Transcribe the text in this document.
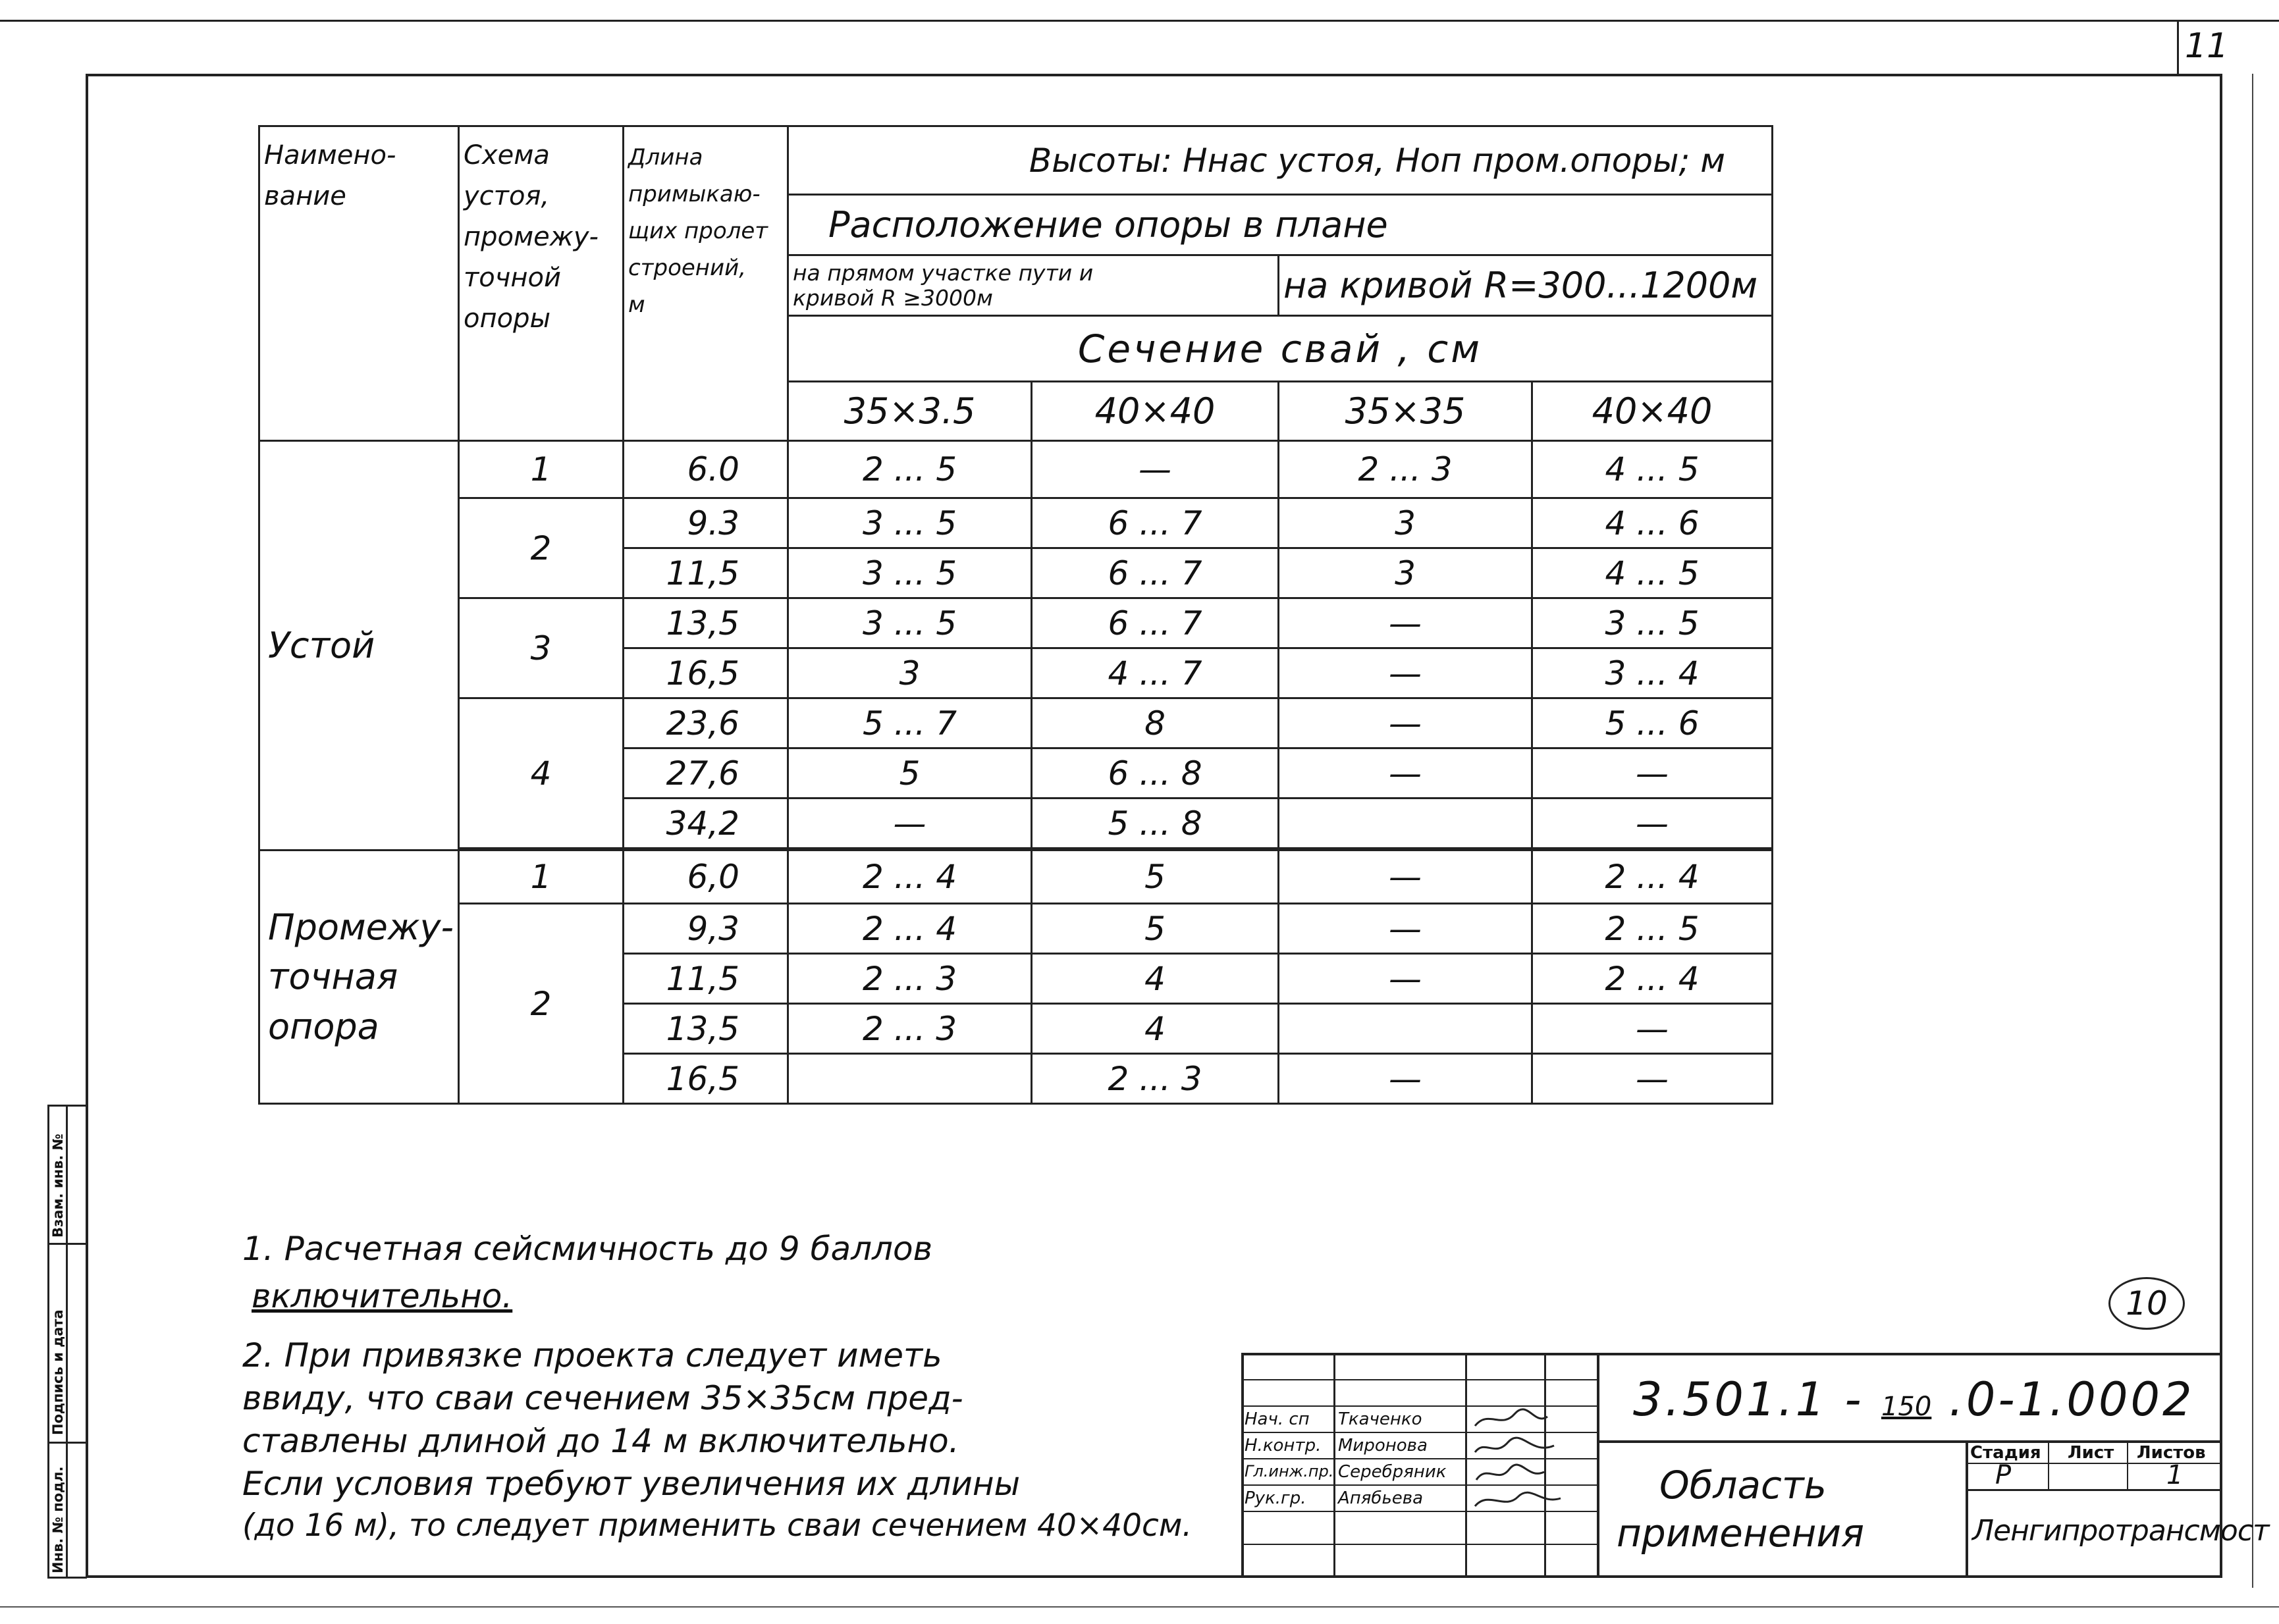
11
Инв. № подл.
Подпись и дата
Взам. инв. №
Наимено-
вание	Схема
устоя,
промежу-
точной
опоры	Длина
примыкаю-
щих пролет
строений,
м	Высоты: Ннас устоя, Hоп пром.опоры; м			
			Расположение опоры в плане			
			на прямом участке пути и
кривой R ≥3000м		на кривой R=300...1200м	
			Сечение свай , см			
			35×3.5	40×40	35×35	40×40
Устой	1	6.0	2 ... 5	—	2 ... 3	4 ... 5
	2	9.3	3 ... 5	6 ... 7	3	4 ... 6
		11,5	3 ... 5	6 ... 7	3	4 ... 5
	3	13,5	3 ... 5	6 ... 7	—	3 ... 5
		16,5	3	4 ... 7	—	3 ... 4
	4	23,6	5 ... 7	8	—	5 ... 6
		27,6	5	6 ... 8	—	—
		34,2	—	5 ... 8		—

Промежу-
точная
опора	1	6,0	2 ... 4	5	—	2 ... 4
	2	9,3	2 ... 4	5	—	2 ... 5
		11,5	2 ... 3	4	—	2 ... 4
		13,5	2 ... 3	4		—
		16,5		2 ... 3	—	—
1. Расчетная сейсмичность до 9 баллов
включительно.
2. При привязке проекта следует иметь
ввиду, что сваи сечением 35×35см пред-
ставлены длиной до 14 м включительно.
Если условия требуют увеличения их длины
(до 16 м), то следует применить сваи сечением 40×40см.
10
Нач. сп Ткаченко
Н.контр. Миронова
Гл.инж.пр. Серебряник
Рук.гр. Апябьева
3.501.1 - 150 .0-1.0002
Область
применения
Стадия Лист Листов
Р	1
Ленгипротрансмост
